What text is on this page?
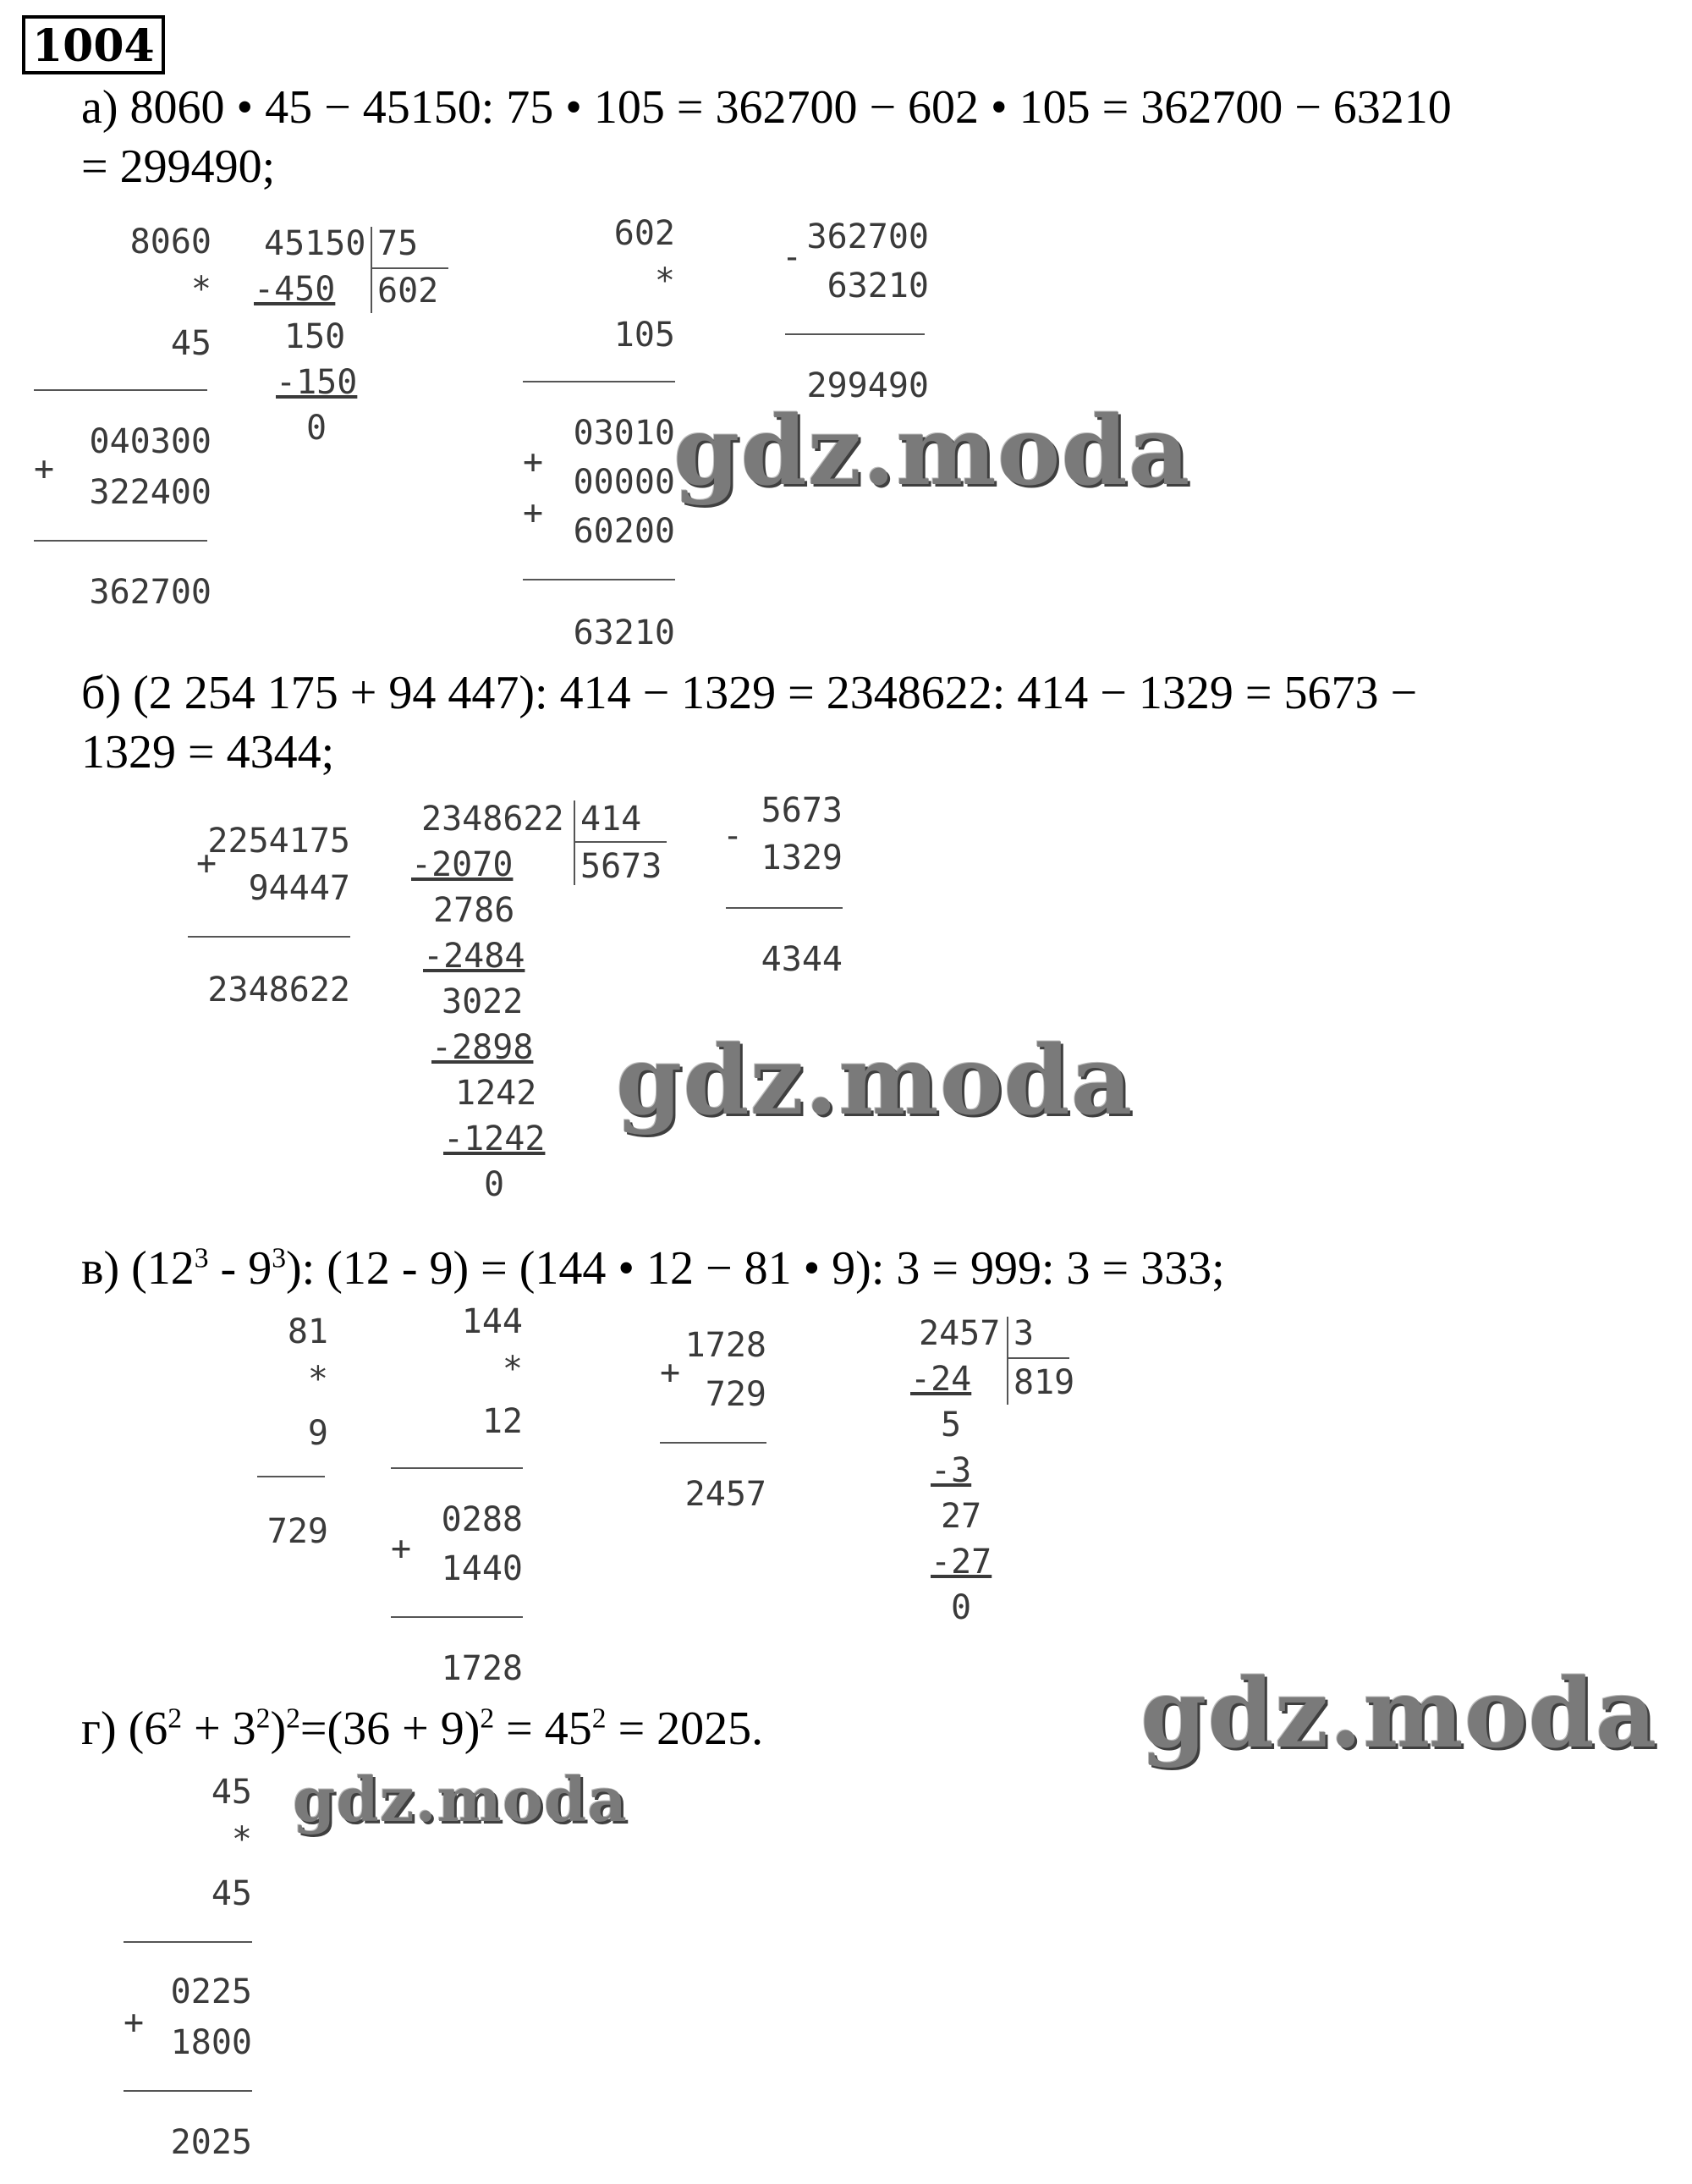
1004
а) 8060 • 45 − 45150: 75 • 105 = 362700 − 602 • 105 = 362700 − 63210
= 299490;
8060
*
45
040300
+
322400
362700
45150 75
602
-450
150
-150
0
602
*
105
03010
+
00000
+ 60200
63210
-
362700
63210
299490
gdz.moda
б) (2 254 175 + 94 447): 414 − 1329 = 2348622: 414 − 1329 = 5673 −
1329 = 4344;
2254175
+
94447
2348622
2348622 414
5673
-2070
2786
-2484
3022
-2898
1242
-1242
0
-
5673
1329
4344
gdz.moda
в) $(12^3 - 9^3)$: (12 - 9) = (144 • 12 − 81 • 9): 3 = 999: 3 = 333;
81
*
9
729
144
*
12
0288
+
1440
1728
+
1728
729
2457
2457 3
819
-24
5
-3
27
-27
0
gdz.moda
г) $(6^2 + 3^2)^2=(36 + 9)^2 = 45^2 = 2025$.
45
*
45
0225
+
1800
2025
gdz.moda
